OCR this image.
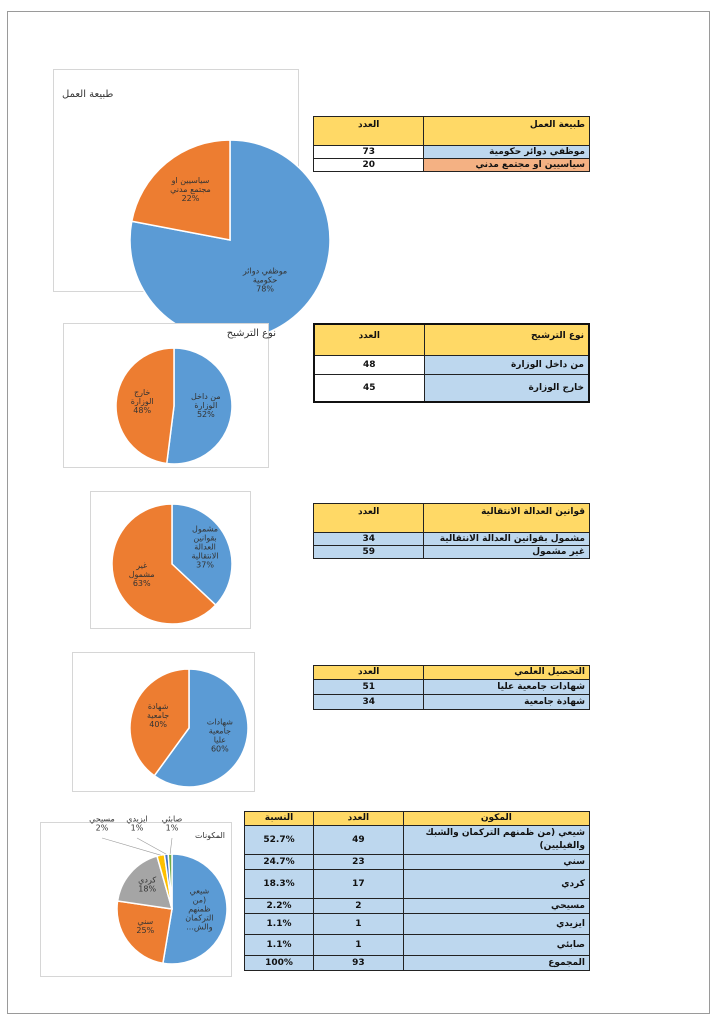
طبيعة العمل
موظفي دوائر
حكومية
78%
سياسيين او
مجتمع مدني
22%
طبيعة العمل	العدد
موظفي دوائر حكومية	73
سياسيين او مجتمع مدني	20
نوع الترشيح
من داخل
الوزارة
52%
خارج
الوزارة
48%
نوع الترشيح	العدد
من داخل الوزارة	48
خارج الوزارة	45
مشمول
بقوانين
العدالة
الانتقالية
37%
غير
مشمول
63%
قوانين العدالة الانتقالية	العدد
مشمول بقوانين العدالة الانتقالية	34
غير مشمول	59
شهادات
جامعية
عليا
60%
شهادة
جامعية
40%
التحصيل العلمي	العدد
شهادات جامعية عليا	51
شهادة جامعية	34
المكونات
شيعي
(من
ظمنهم
التركمان
والش...
سني
25%
كردي
18%
مسيحي
2%
ايزيدي
1%
صابئي
1%
المكون	العدد	النسبة
شيعي (من ظمنهم التركمان والشبك والفيليين)	49	52.7%
سني	23	24.7%
كردي	17	18.3%
مسيحي	2	2.2%
ايزيدي	1	1.1%
صابئي	1	1.1%
المجموع	93	100%
